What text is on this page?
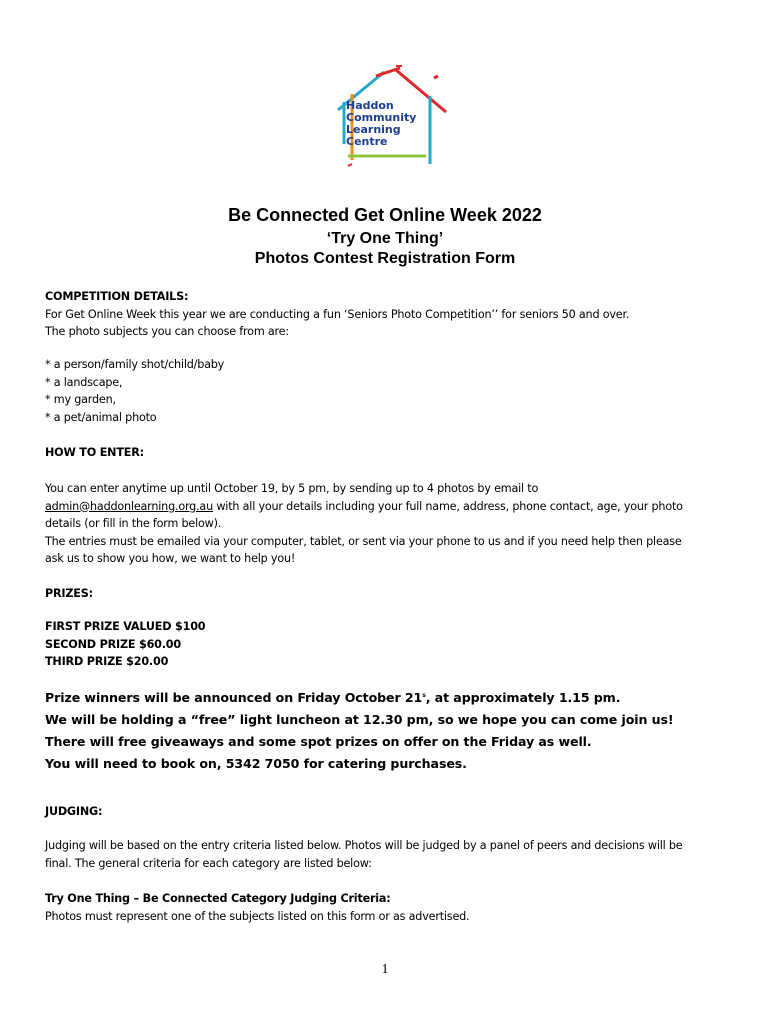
Haddon
Community
Learning
Centre
Be Connected Get Online Week 2022
‘Try One Thing’
Photos Contest Registration Form
COMPETITION DETAILS:
For Get Online Week this year we are conducting a fun ‘Seniors Photo Competition’’ for seniors 50 and over.
The photo subjects you can choose from are:
* a person/family shot/child/baby
* a landscape,
* my garden,
* a pet/animal photo
HOW TO ENTER:
You can enter anytime up until October 19, by 5 pm, by sending up to 4 photos by email to
admin@haddonlearning.org.au with all your details including your full name, address, phone contact, age, your photo
details (or fill in the form below).
The entries must be emailed via your computer, tablet, or sent via your phone to us and if you need help then please
ask us to show you how, we want to help you!
PRIZES:
FIRST PRIZE VALUED $100
SECOND PRIZE $60.00
THIRD PRIZE $20.00
Prize winners will be announced on Friday October 21$^s$, at approximately 1.15 pm.
We will be holding a “free” light luncheon at 12.30 pm, so we hope you can come join us!
There will free giveaways and some spot prizes on offer on the Friday as well.
You will need to book on, 5342 7050 for catering purchases.
JUDGING:
Judging will be based on the entry criteria listed below. Photos will be judged by a panel of peers and decisions will be
final. The general criteria for each category are listed below:
Try One Thing – Be Connected Category Judging Criteria:
Photos must represent one of the subjects listed on this form or as advertised.
1
